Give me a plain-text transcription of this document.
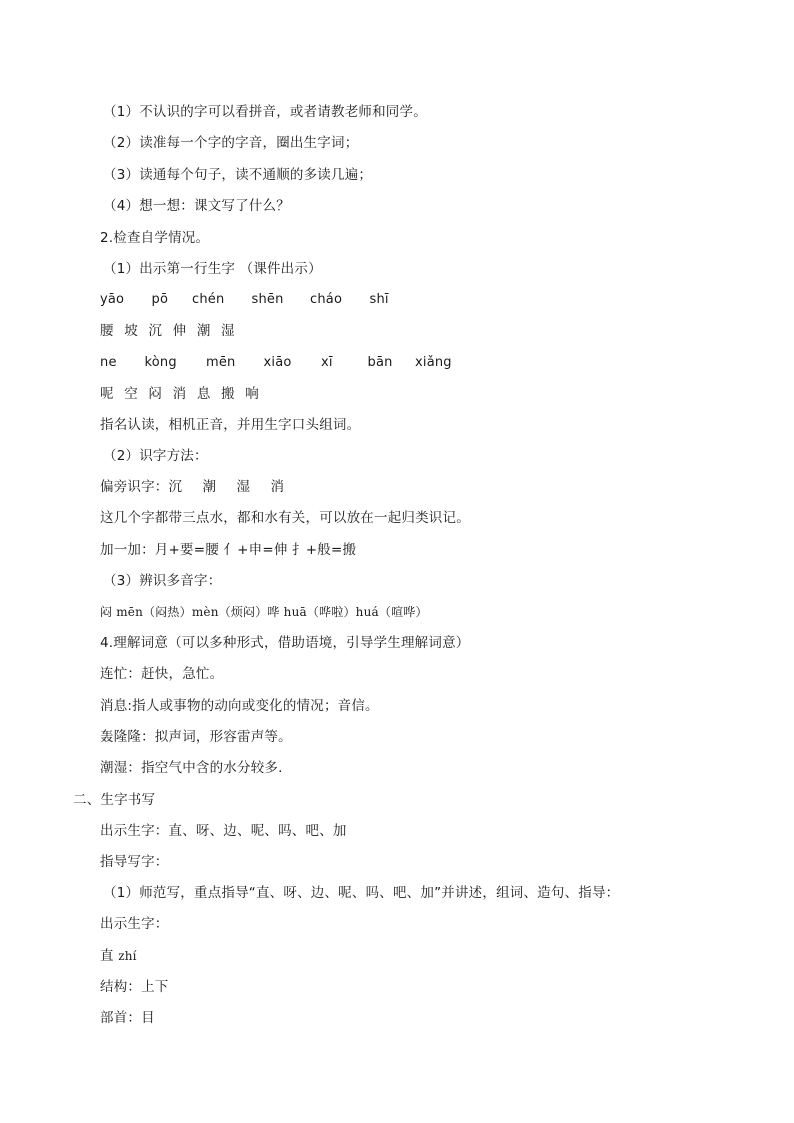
（1）不认识的字可以看拼音，或者请教老师和同学。
（2）读准每一个字的字音，圈出生字词；
（3）读通每个句子，读不通顺的多读几遍；
（4）想一想：课文写了什么？
2.检查自学情况。
（1）出示第一行生字 （课件出示）
yāo pō chén shēn cháo shī
腰 坡 沉 伸 潮 湿
ne kòng mēn xiāo xī	bān xiǎng
呢 空 闷 消 息 搬 响
指名认读，相机正音，并用生字口头组词。
（2）识字方法：
偏旁识字：沉 潮 湿 消
这几个字都带三点水，都和水有关，可以放在一起归类识记。
加一加：月+要=腰 亻+申=伸 扌+般=搬
（3）辨识多音字：
闷 mēn（闷热）mèn（烦闷）哗 huā（哗啦）huá（喧哗）
4.理解词意（可以多种形式，借助语境，引导学生理解词意）
连忙：赶快，急忙。
消息:指人或事物的动向或变化的情况；音信。
轰隆隆：拟声词，形容雷声等。
潮湿：指空气中含的水分较多.
二、生字书写
出示生字：直、呀、边、呢、吗、吧、加
指导写字：
（1）师范写，重点指导“直、呀、边、呢、吗、吧、加”并讲述，组词、造句、指导：
出示生字：
直 zhí
结构：上下
部首：目
